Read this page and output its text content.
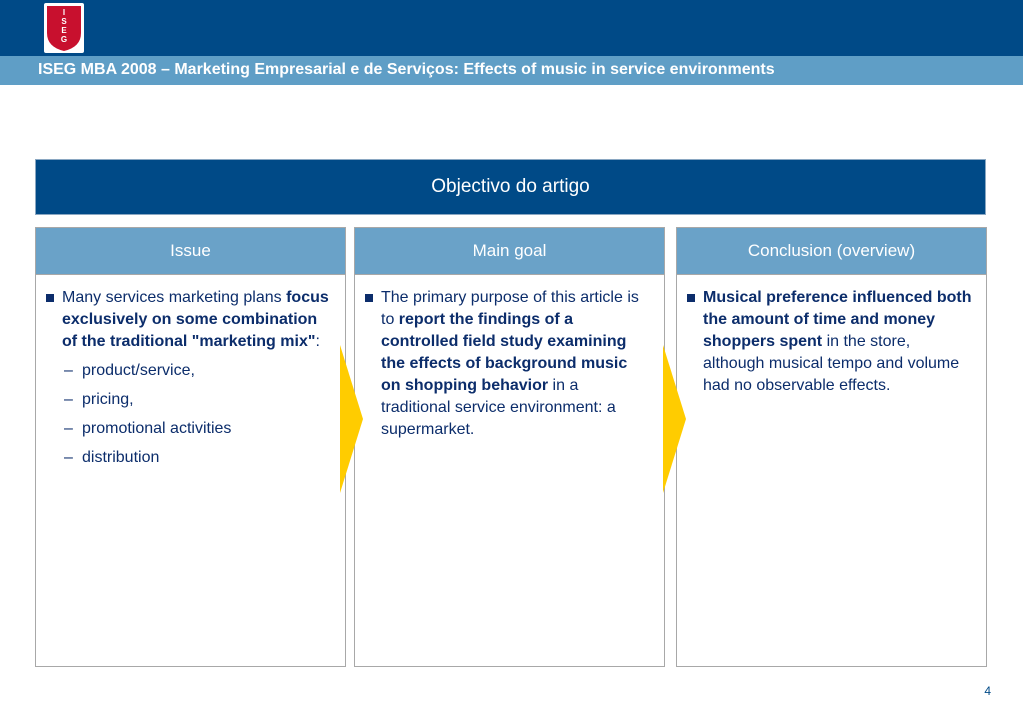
I
S
E
G
ISEG MBA 2008 – Marketing Empresarial e de Serviços: Effects of music in service environments
Objectivo do artigo
Issue
Many services marketing plans focus exclusively on some combination of the traditional "marketing mix":
– product/service,
– pricing,
– promotional activities
– distribution
Main goal
The primary purpose of this article is to report the findings of a controlled field study examining the effects of background music on shopping behavior in a traditional service environment: a supermarket.
Conclusion (overview)
Musical preference influenced both the amount of time and money shoppers spent in the store, although musical tempo and volume had no observable effects.
4
